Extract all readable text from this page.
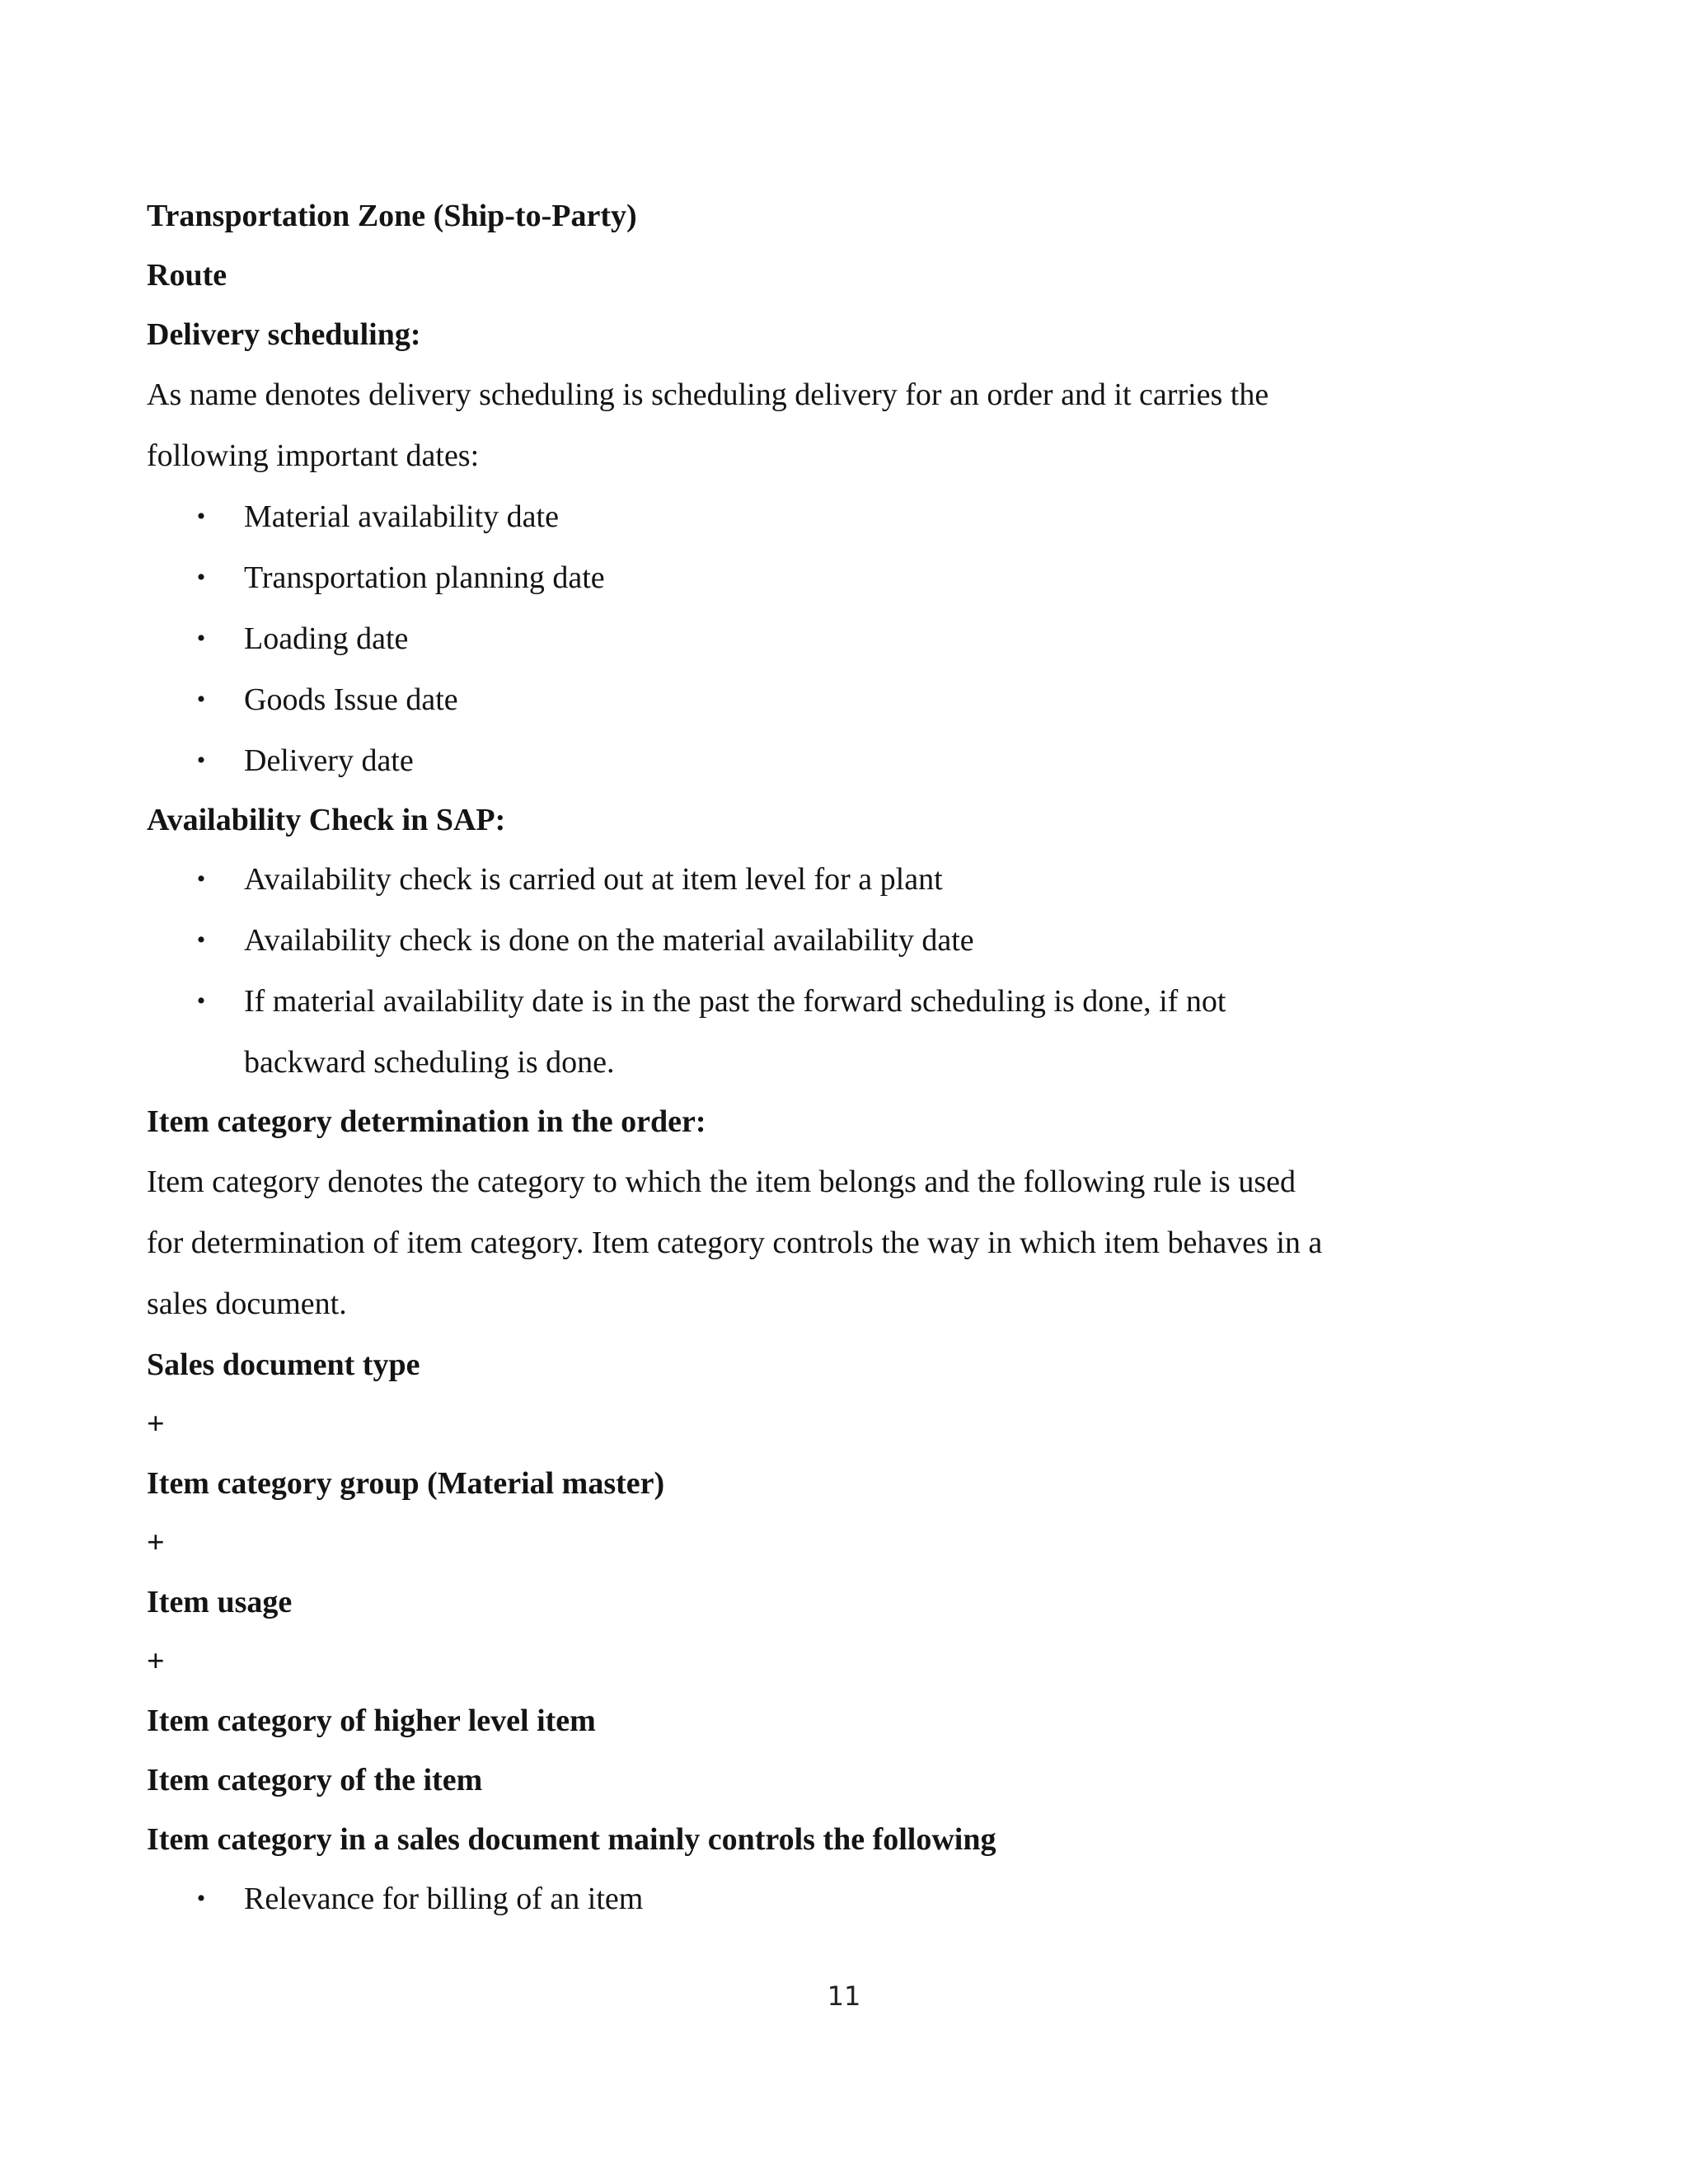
Transportation Zone (Ship-to-Party)
Route
Delivery scheduling:
As name denotes delivery scheduling is scheduling delivery for an order and it carries the
following important dates:
• Material availability date
• Transportation planning date
• Loading date
• Goods Issue date
• Delivery date
Availability Check in SAP:
• Availability check is carried out at item level for a plant
• Availability check is done on the material availability date
• If material availability date is in the past the forward scheduling is done, if not
backward scheduling is done.
Item category determination in the order:
Item category denotes the category to which the item belongs and the following rule is used
for determination of item category. Item category controls the way in which item behaves in a
sales document.
Sales document type
+
Item category group (Material master)
+
Item usage
+
Item category of higher level item
Item category of the item
Item category in a sales document mainly controls the following
• Relevance for billing of an item
11
